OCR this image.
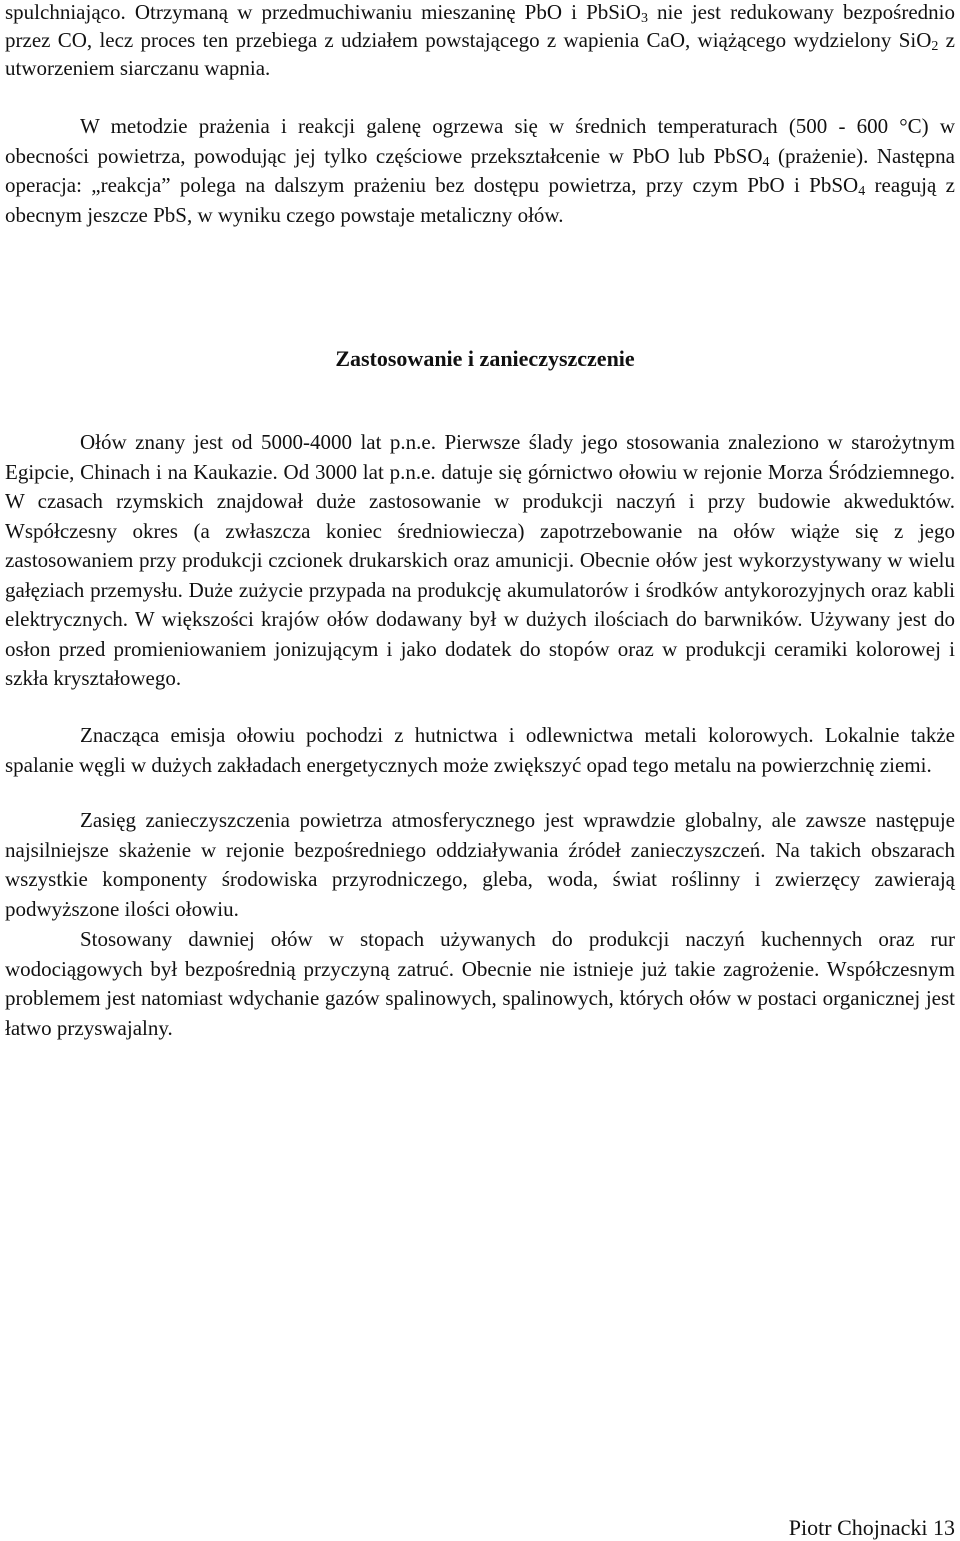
spulchniająco. Otrzymaną w przedmuchiwaniu mieszaninę PbO i PbSiO$_3$ nie jest redukowany bezpośrednio przez CO, lecz proces ten przebiega z udziałem powstającego z wapienia CaO, wiążącego wydzielony SiO$_2$ z utworzeniem siarczanu wapnia.

W metodzie prażenia i reakcji galenę ogrzewa się w średnich temperaturach (500 - 600 °C) w obecności powietrza, powodując jej tylko częściowe przekształcenie w PbO lub PbSO$_4$ (prażenie). Następna operacja: „reakcja” polega na dalszym prażeniu bez dostępu powietrza, przy czym PbO i PbSO$_4$ reagują z obecnym jeszcze PbS, w wyniku czego powstaje metaliczny ołów.

Zastosowanie i zanieczyszczenie

Ołów znany jest od 5000-4000 lat p.n.e. Pierwsze ślady jego stosowania znaleziono w starożytnym Egipcie, Chinach i na Kaukazie. Od 3000 lat p.n.e. datuje się górnictwo ołowiu w rejonie Morza Śródziemnego. W czasach rzymskich znajdował duże zastosowanie w produkcji naczyń i przy budowie akweduktów. Współczesny okres (a zwłaszcza koniec średniowiecza) zapotrzebowanie na ołów wiąże się z jego zastosowaniem przy produkcji czcionek drukarskich oraz amunicji. Obecnie ołów jest wykorzystywany w wielu gałęziach przemysłu. Duże zużycie przypada na produkcję akumulatorów i środków antykorozyjnych oraz kabli elektrycznych. W większości krajów ołów dodawany był w dużych ilościach do barwników. Używany jest do osłon przed promieniowaniem jonizującym i jako dodatek do stopów oraz w produkcji ceramiki kolorowej i szkła kryształowego.

Znacząca emisja ołowiu pochodzi z hutnictwa i odlewnictwa metali kolorowych. Lokalnie także spalanie węgli w dużych zakładach energetycznych może zwiększyć opad tego metalu na powierzchnię ziemi.

Zasięg zanieczyszczenia powietrza atmosferycznego jest wprawdzie globalny, ale zawsze następuje najsilniejsze skażenie w rejonie bezpośredniego oddziaływania źródeł zanieczyszczeń. Na takich obszarach wszystkie komponenty środowiska przyrodniczego, gleba, woda, świat roślinny i zwierzęcy zawierają podwyższone ilości ołowiu.

Stosowany dawniej ołów w stopach używanych do produkcji naczyń kuchennych oraz rur wodociągowych był bezpośrednią przyczyną zatruć. Obecnie nie istnieje już takie zagrożenie. Współczesnym problemem jest natomiast wdychanie gazów spalinowych, spalinowych, których ołów w postaci organicznej jest łatwo przyswajalny.

Piotr Chojnacki 13
